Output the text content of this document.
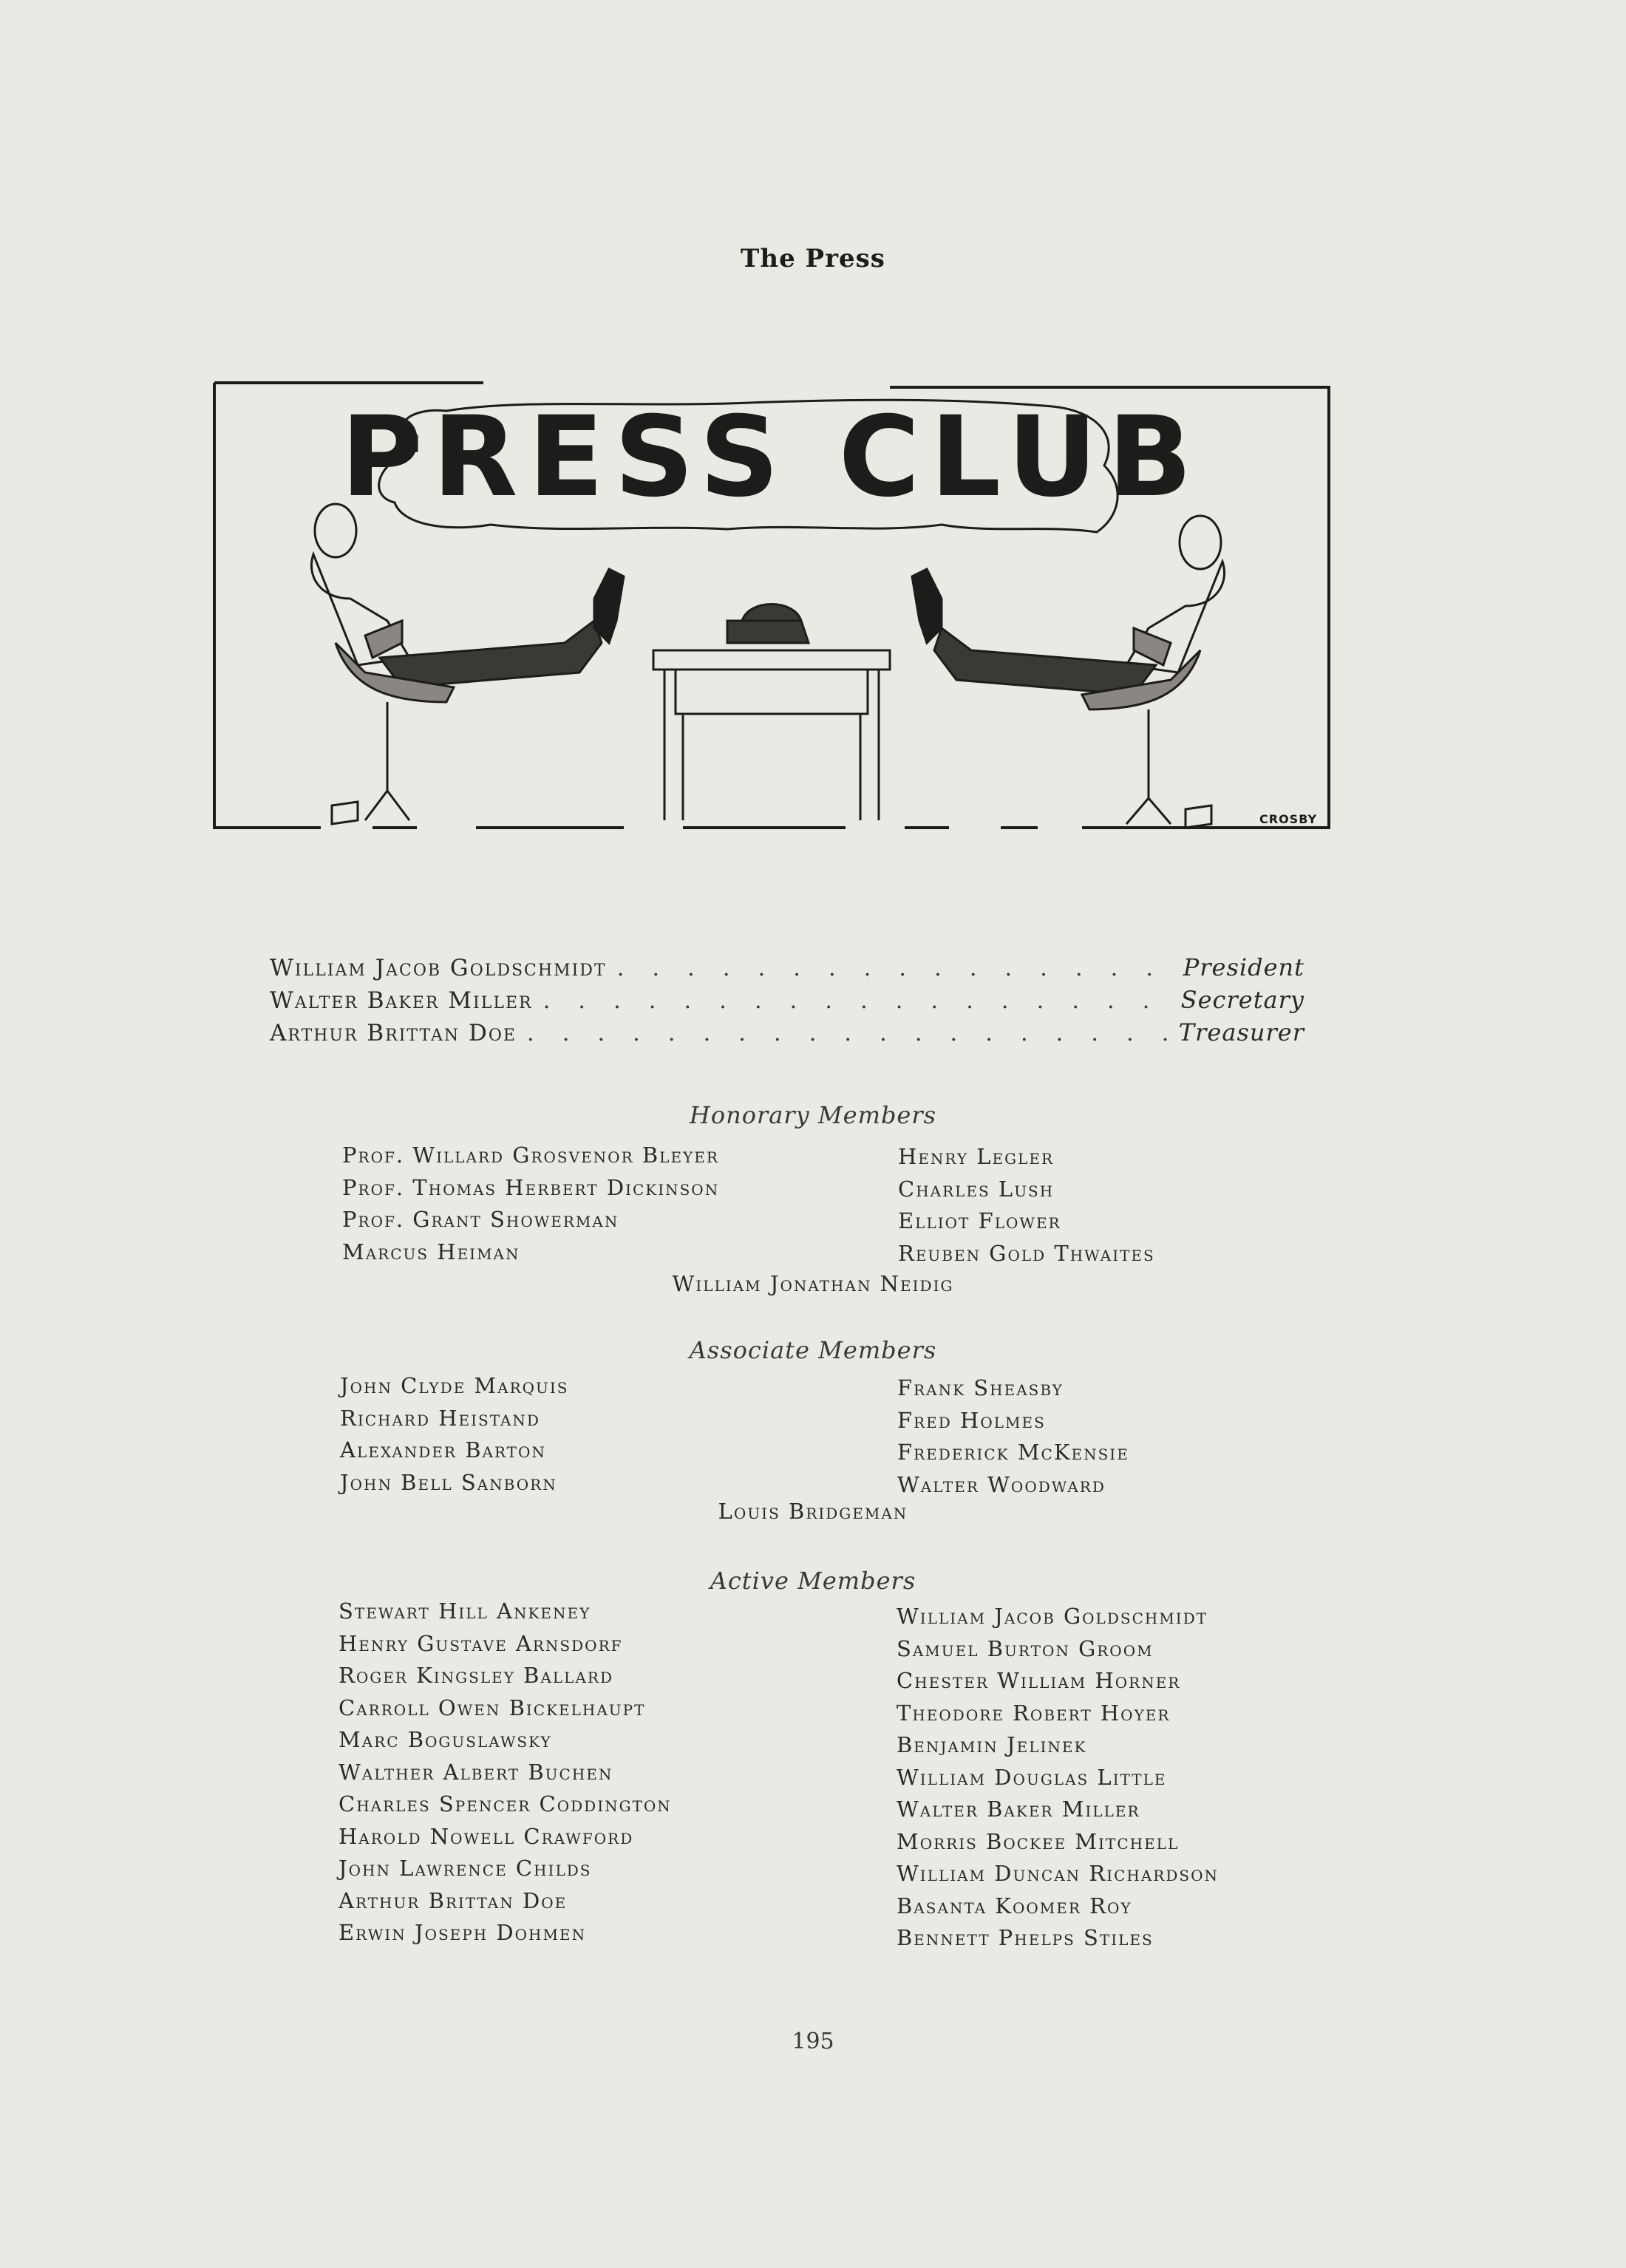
The Press
PRESS CLUB
CROSBY
William Jacob Goldschmidt . . .	President
Walter Baker Miller . . .	Secretary
Arthur Brittan Doe . . .	Treasurer
Honorary Members
Prof. Willard Grosvenor Bleyer
Prof. Thomas Herbert Dickinson
Prof. Grant Showerman
Marcus Heiman
Henry Legler
Charles Lush
Elliot Flower
Reuben Gold Thwaites
William Jonathan Neidig
Associate Members
John Clyde Marquis
Richard Heistand
Alexander Barton
John Bell Sanborn
Frank Sheasby
Fred Holmes
Frederick McKensie
Walter Woodward
Louis Bridgeman
Active Members
Stewart Hill Ankeney
Henry Gustave Arnsdorf
Roger Kingsley Ballard
Carroll Owen Bickelhaupt
Marc Boguslawsky
Walther Albert Buchen
Charles Spencer Coddington
Harold Nowell Crawford
John Lawrence Childs
Arthur Brittan Doe
Erwin Joseph Dohmen
William Jacob Goldschmidt
Samuel Burton Groom
Chester William Horner
Theodore Robert Hoyer
Benjamin Jelinek
William Douglas Little
Walter Baker Miller
Morris Bockee Mitchell
William Duncan Richardson
Basanta Koomer Roy
Bennett Phelps Stiles
195
